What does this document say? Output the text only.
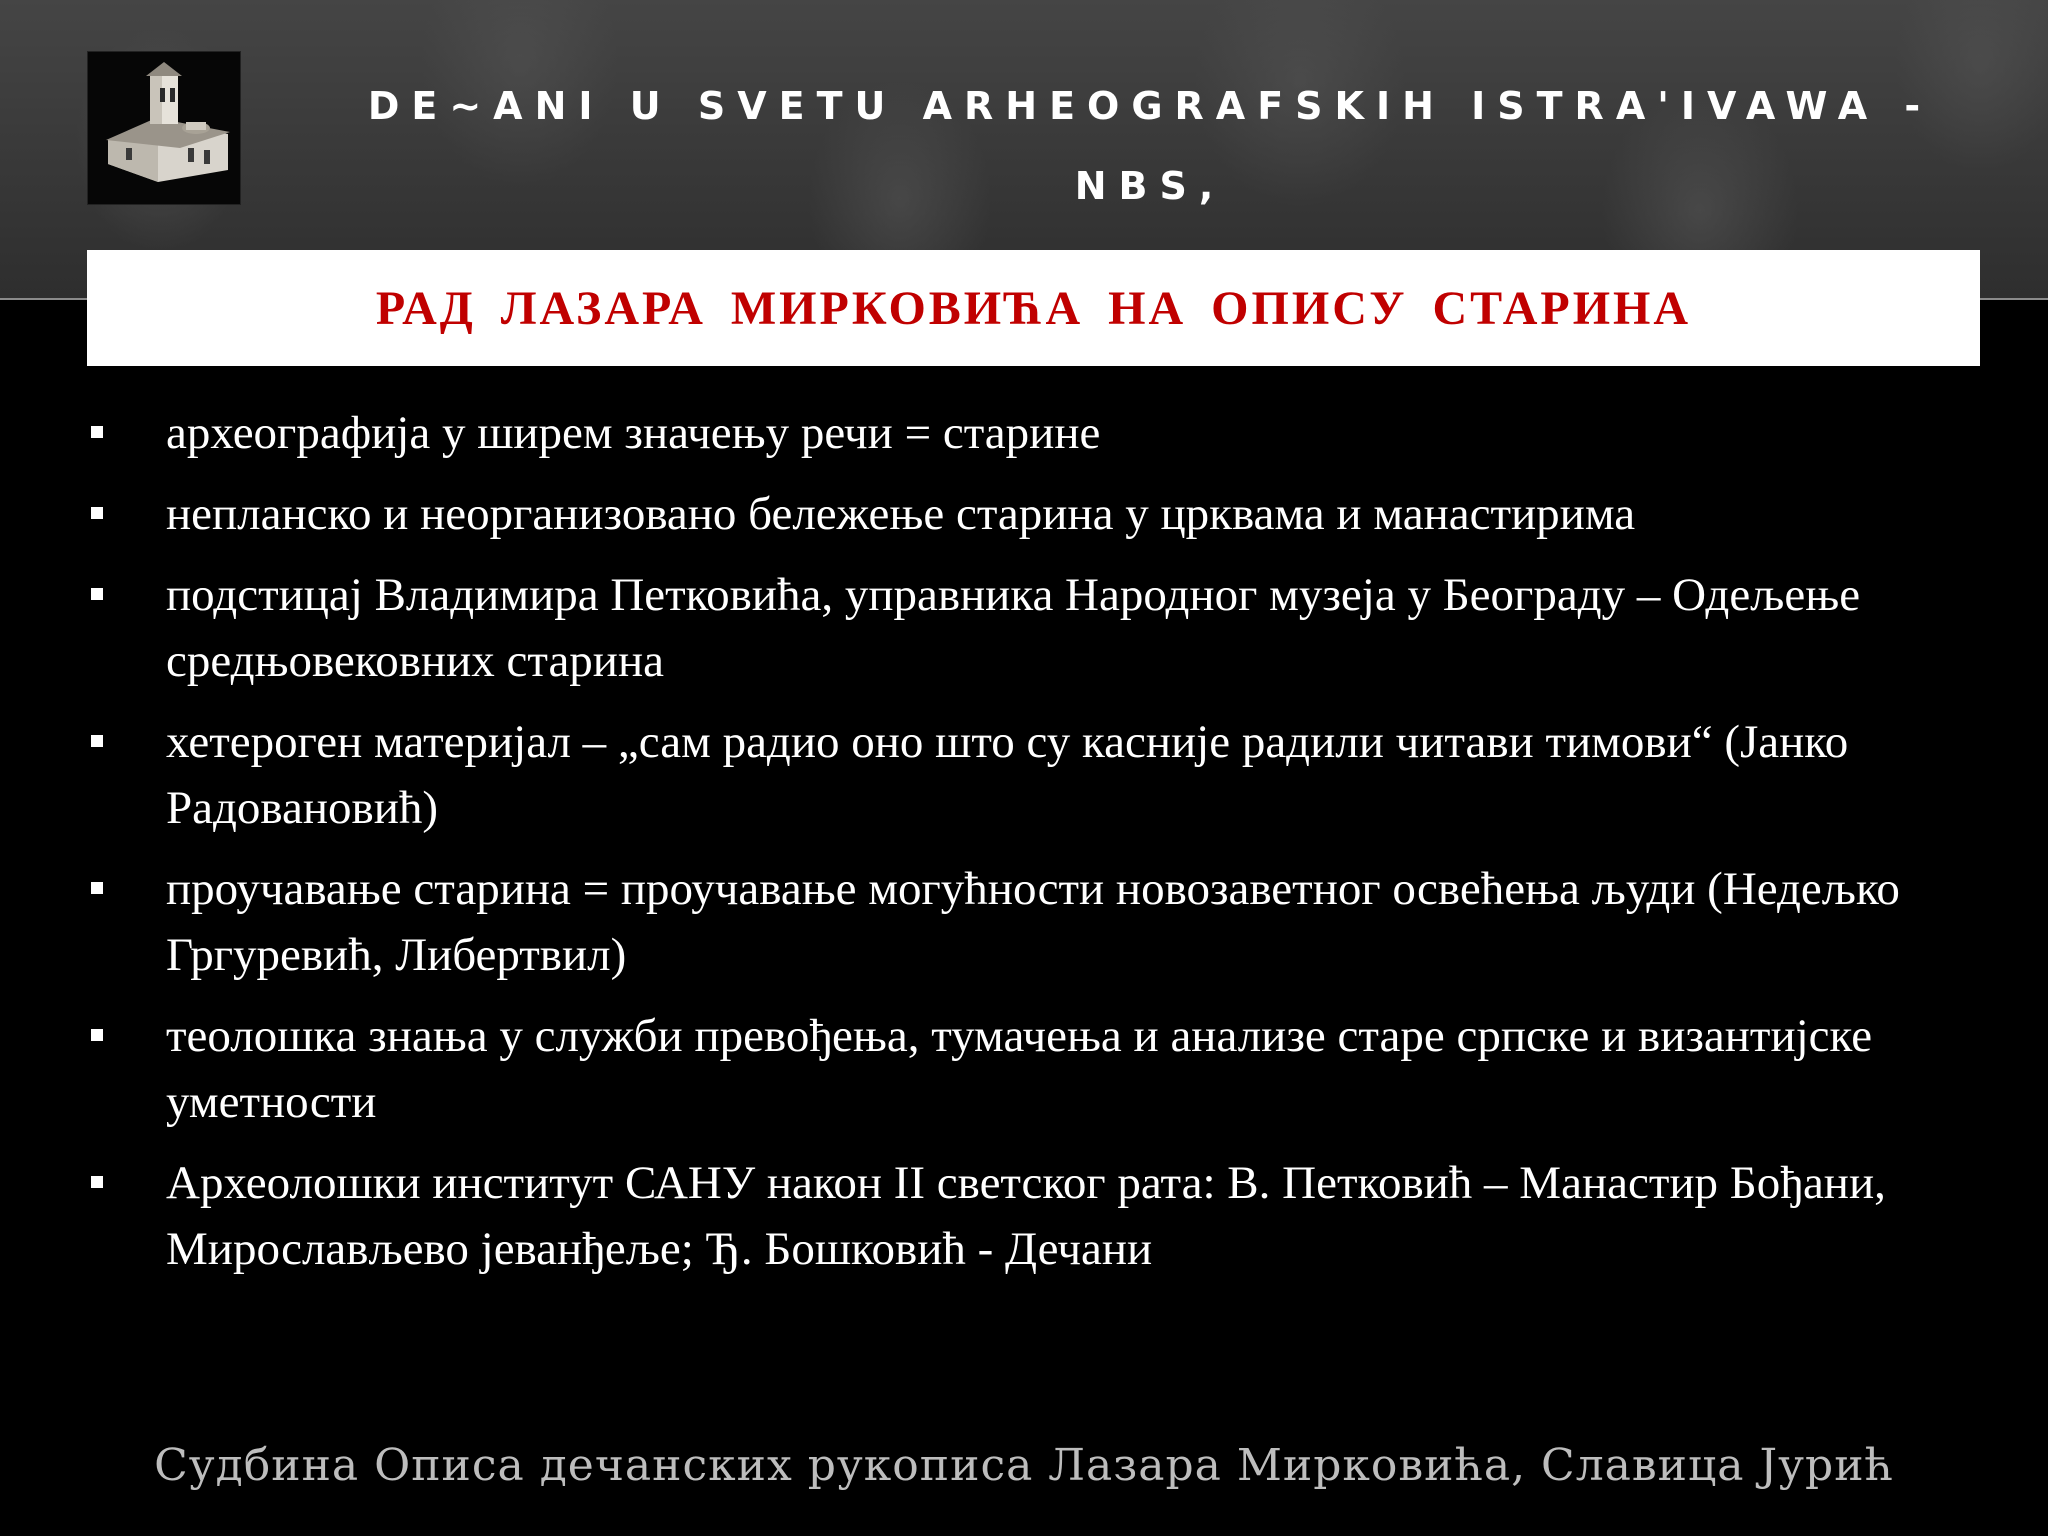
DE~ANI U SVETU ARHEOGRAFSKIH ISTRA'IVAWA - NBS,
РАД ЛАЗАРА МИРКОВИЋА НА ОПИСУ СТАРИНА
археографија у ширем значењу речи = старине
непланско и неорганизовано бележење старина у црквама и манастирима
подстицај Владимира Петковића, управника Народног музеја у Београду – Одељење средњовековних старина
хетероген материјал – „сам радио оно што су касније радили читави тимови“ (Јанко Радовановић)
проучавање старина = проучавање могућности новозаветног освећења људи (Недељко Гргуревић, Либертвил)
теолошка знања у служби превођења, тумачења и анализе старе српске и византијске уметности
Археолошки институт САНУ након II светског рата: В. Петковић – Манастир Бођани, Мирослављево јеванђеље; Ђ. Бошковић - Дечани
Судбина Описа дечанских рукописа Лазара Мирковића, Славица Јурић
